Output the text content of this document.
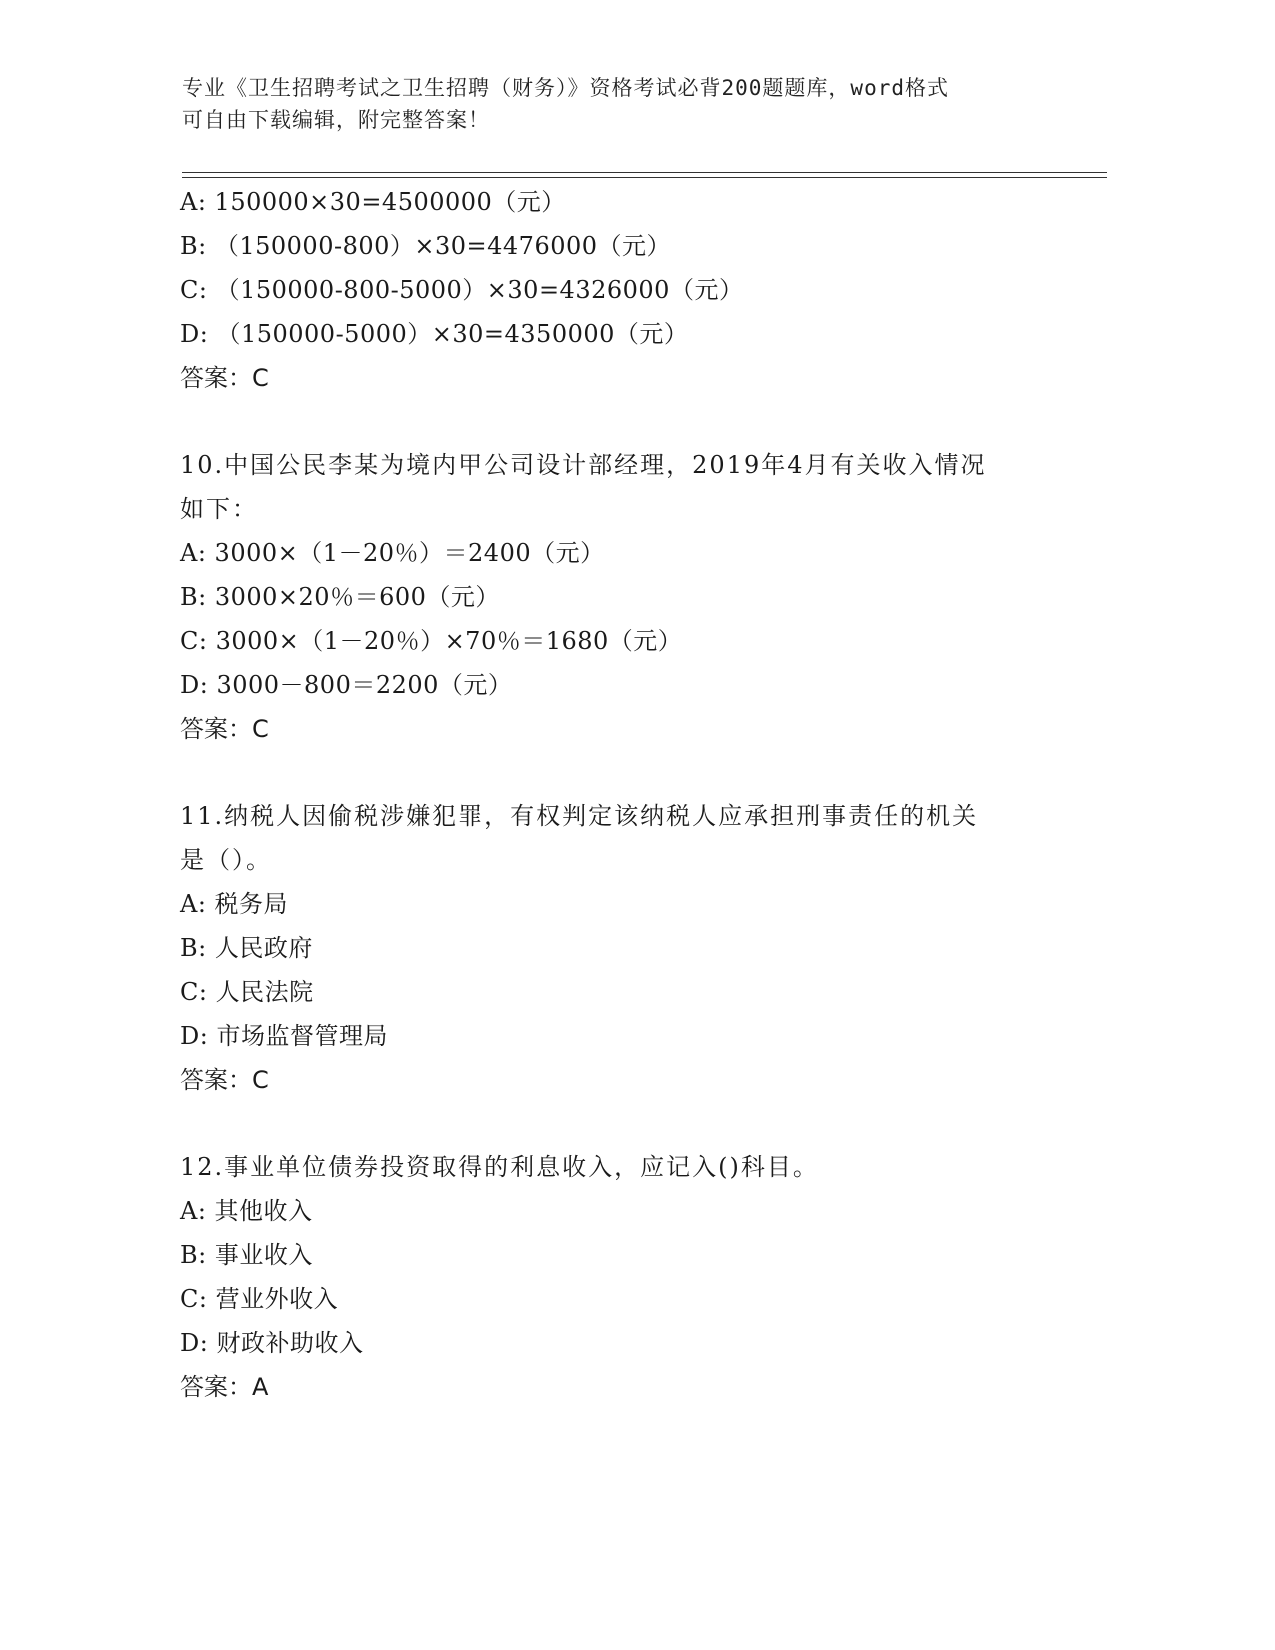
专业《卫生招聘考试之卫生招聘（财务）》资格考试必背200题题库，word格式
可自由下载编辑，附完整答案！
A: 150000×30=4500000（元）
B: （150000-800）×30=4476000（元）
C: （150000-800-5000）×30=4326000（元）
D: （150000-5000）×30=4350000（元）
答案：C
10.中国公民李某为境内甲公司设计部经理，2019年4月有关收入情况
如下：
A: 3000×（1－20％）＝2400（元）
B: 3000×20％＝600（元）
C: 3000×（1－20％）×70％＝1680（元）
D: 3000－800＝2200（元）
答案：C
11.纳税人因偷税涉嫌犯罪，有权判定该纳税人应承担刑事责任的机关
是（）。
A: 税务局
B: 人民政府
C: 人民法院
D: 市场监督管理局
答案：C
12.事业单位债券投资取得的利息收入，应记入()科目。
A: 其他收入
B: 事业收入
C: 营业外收入
D: 财政补助收入
答案：A
